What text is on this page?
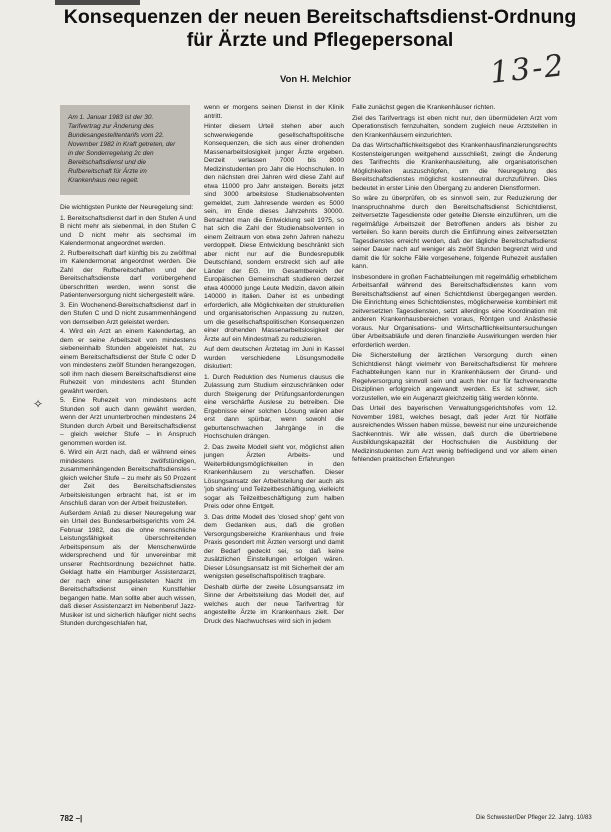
Konsequenzen der neuen Bereitschaftsdienst-Ordnung
für Ärzte und Pflegepersonal
13-2
Von H. Melchior
Am 1. Januar 1983 ist der 30. Tarifvertrag zur Änderung des Bundesangestelltentarifs vom 22. November 1982 in Kraft getreten, der in der Sonderregelung 2c den Bereitschaftsdienst und die Rufbereitschaft für Ärzte im Krankenhaus neu regelt.

Die wichtigsten Punkte der Neuregelung sind:

1. Bereitschaftsdienst darf in den Stufen A und B nicht mehr als siebenmal, in den Stufen C und D nicht mehr als sechsmal im Kalendermonat angeordnet werden.
2. Rufbereitschaft darf künftig bis zu zwölfmal im Kalendermonat angeordnet werden. Die Zahl der Rufbereitschaften und der Bereitschaftsdienste darf vorübergehend überschritten werden, wenn sonst die Patientenversorgung nicht sichergestellt wäre.
3. Ein Wochenend-Bereitschaftsdienst darf in den Stufen C und D nicht zusammenhängend von demselben Arzt geleistet werden.
4. Wird ein Arzt an einem Kalendertag, an dem er seine Arbeitszeit von mindestens siebeneinhalb Stunden abgeleistet hat, zu einem Bereitschaftsdienst der Stufe C oder D von mindestens zwölf Stunden herangezogen, soll ihm nach diesem Bereitschaftsdienst eine Ruhezeit von mindestens acht Stunden gewährt werden.
5. Eine Ruhezeit von mindestens acht Stunden soll auch dann gewährt werden, wenn der Arzt ununterbrochen mindestens 24 Stunden durch Arbeit und Bereitschaftsdienst – gleich welcher Stufe – in Anspruch genommen worden ist.
6. Wird ein Arzt nach, daß er während eines mindestens zwölfstündigen, zusammenhängenden Bereitschaftsdienstes – gleich welcher Stufe – zu mehr als 50 Prozent der Zeit des Bereitschaftsdienstes Arbeitsleistungen erbracht hat, ist er im Anschluß daran von der Arbeit freizustellen.

Außerdem Anlaß zu dieser Neuregelung war ein Urteil des Bundesarbeitsgerichts vom 24. Februar 1982, das die ohne menschliche Leistungsfähigkeit überschreitenden Arbeitspensum als der Menschenwürde widersprechend und für unvereinbar mit unserer Rechtsordnung bezeichnet hatte. Geklagt hatte ein Hamburger Assistenzarzt, der nach einer ausgelasteten Nacht im Bereitschaftsdienst einen Kunstfehler begangen hatte. Man sollte aber auch wissen, daß dieser Assistenzarzt im Nebenberuf Jazz-Musiker ist und sicherlich häufiger nicht sechs Stunden durchgeschlafen hat,

✧

wenn er morgens seinen Dienst in der Klinik antritt.

Hinter diesem Urteil stehen aber auch schwerwiegende gesellschaftspolitische Konsequenzen, die sich aus einer drohenden Massenarbeitslosigkeit junger Ärzte ergeben. Derzeit verlassen 7000 bis 8000 Medizinstudenten pro Jahr die Hochschulen. In den nächsten drei Jahren wird diese Zahl auf etwa 11000 pro Jahr ansteigen. Bereits jetzt sind 3000 arbeitslose Studienabsolventen gemeldet, zum Jahresende werden es 5000 sein, im Ende dieses Jahrzehnts 30000. Betrachtet man die Entwicklung seit 1975, so hat sich die Zahl der Studienabsolventen in einem Zeitraum von etwa zehn Jahren nahezu verdoppelt. Diese Entwicklung beschränkt sich aber nicht nur auf die Bundesrepublik Deutschland, sondern erstreckt sich auf alle Länder der EG. Im Gesamtbereich der Europäischen Gemeinschaft studieren derzeit etwa 400000 junge Leute Medizin, davon allein 140000 in Italien. Daher ist es unbedingt erforderlich, alle Möglichkeiten der strukturellen und organisatorischen Anpassung zu nutzen, um die gesellschaftspolitischen Konsequenzen einer drohenden Massenarbeitslosigkeit der Ärzte auf ein Mindestmaß zu reduzieren.

Auf dem deutschen Ärztetag im Juni in Kassel wurden verschiedene Lösungsmodelle diskutiert:

1. Durch Reduktion des Numerus clausus die Zulassung zum Studium einzuschränken oder durch Steigerung der Prüfungsanforderungen eine verschärfte Auslese zu betreiben. Die Ergebnisse einer solchen Lösung wären aber erst dann spürbar, wenn sowohl die geburtenschwachen Jahrgänge in die Hochschulen drängen.

2. Das zweite Modell sieht vor, möglichst allen jungen Ärzten Arbeits- und Weiterbildungsmöglichkeiten in den Krankenhäusern zu verschaffen. Dieser Lösungsansatz der Arbeitsteilung der auch als 'job sharing' und Teilzeitbeschäftigung, vielleicht sogar als Teilzeitbeschäftigung zum halben Preis oder ohne Entgelt.

3. Das dritte Modell des 'closed shop' geht von dem Gedanken aus, daß die großen Versorgungsbereiche Krankenhaus und freie Praxis gesondert mit Ärzten versorgt und damit der Bedarf gedeckt sei, so daß keine zusätzlichen Einstellungen erfolgen wären. Dieser Lösungsansatz ist mit Sicherheit der am wenigsten gesellschaftspolitisch tragbare.

Deshalb dürfte der zweite Lösungsansatz im Sinne der Arbeitsteilung das Modell der, auf welches auch der neue Tarifvertrag für angestellte Ärzte im Krankenhaus zielt. Der Druck des Nachwuchses wird sich in jedem

Falle zunächst gegen die Krankenhäuser richten.

Ziel des Tarifvertrags ist eben nicht nur, den übermüdeten Arzt vom Operationstisch fernzuhalten, sondern zugleich neue Arztstellen in den Krankenhäusern einzurichten.

Da das Wirtschaftlichkeitsgebot des Krankenhausfinanzierungsrechts Kostensteigerungen weitgehend ausschließt, zwingt die Änderung des Tarifrechts die Krankenhausleitung, alle organisatorischen Möglichkeiten auszuschöpfen, um die Neuregelung des Bereitschaftsdienstes möglichst kostenneutral durchzuführen. Dies bedeutet in erster Linie den Übergang zu anderen Dienstformen.

So wäre zu überprüfen, ob es sinnvoll sein, zur Reduzierung der Inanspruchnahme durch den Bereitschaftsdienst Schichtdienst, zeitversetzte Tagesdienste oder geteilte Dienste einzuführen, um die regelmäßige Arbeitszeit der Betroffenen anders als bisher zu verteilen. So kann bereits durch die Einführung eines zeitversetzten Tagesdienstes erreicht werden, daß der tägliche Bereitschaftsdienst seiner Dauer nach auf weniger als zwölf Stunden begrenzt wird und damit die für solche Fälle vorgesehene, folgende Ruhezeit ausfallen kann.

Insbesondere in großen Fachabteilungen mit regelmäßig erheblichem Arbeitsanfall während des Bereitschaftsdienstes kann vom Bereitschaftsdienst auf einen Schichtdienst übergegangen werden. Die Einrichtung eines Schichtdienstes, möglicherweise kombiniert mit zeitversetzten Tagesdiensten, setzt allerdings eine Koordination mit anderen Krankenhausbereichen voraus, Röntgen und Anästhesie voraus. Nur Organisations- und Wirtschaftlichkeitsuntersuchungen über Arbeitsabläufe und deren finanzielle Auswirkungen werden hier erforderlich werden.

Die Sicherstellung der ärztlichen Versorgung durch einen Schichtdienst hängt vielmehr von Bereitschaftsdienst für mehrere Fachabteilungen kann nur in Krankenhäusern der Grund- und Regelversorgung sinnvoll sein und auch hier nur für fachverwandte Disziplinen erfolgreich angewandt werden. Es ist schwer, sich vorzustellen, wie ein Augenarzt gleichzeitig tätig werden könnte.

Das Urteil des bayerischen Verwaltungsgerichtshofes vom 12. November 1981, welches besagt, daß jeder Arzt für Notfälle ausreichendes Wissen haben müsse, beweist nur eine unzureichende Sachkenntnis. Wir alle wissen, daß durch die übertriebene Ausbildungskapazität der Hochschulen die Ausbildung der Medizinstudenten zum Arzt wenig befriedigend und vor allem einen fehlenden praktischen Erfahrungen

782 –|	Die Schwester/Der Pfleger 22. Jahrg. 10/83
